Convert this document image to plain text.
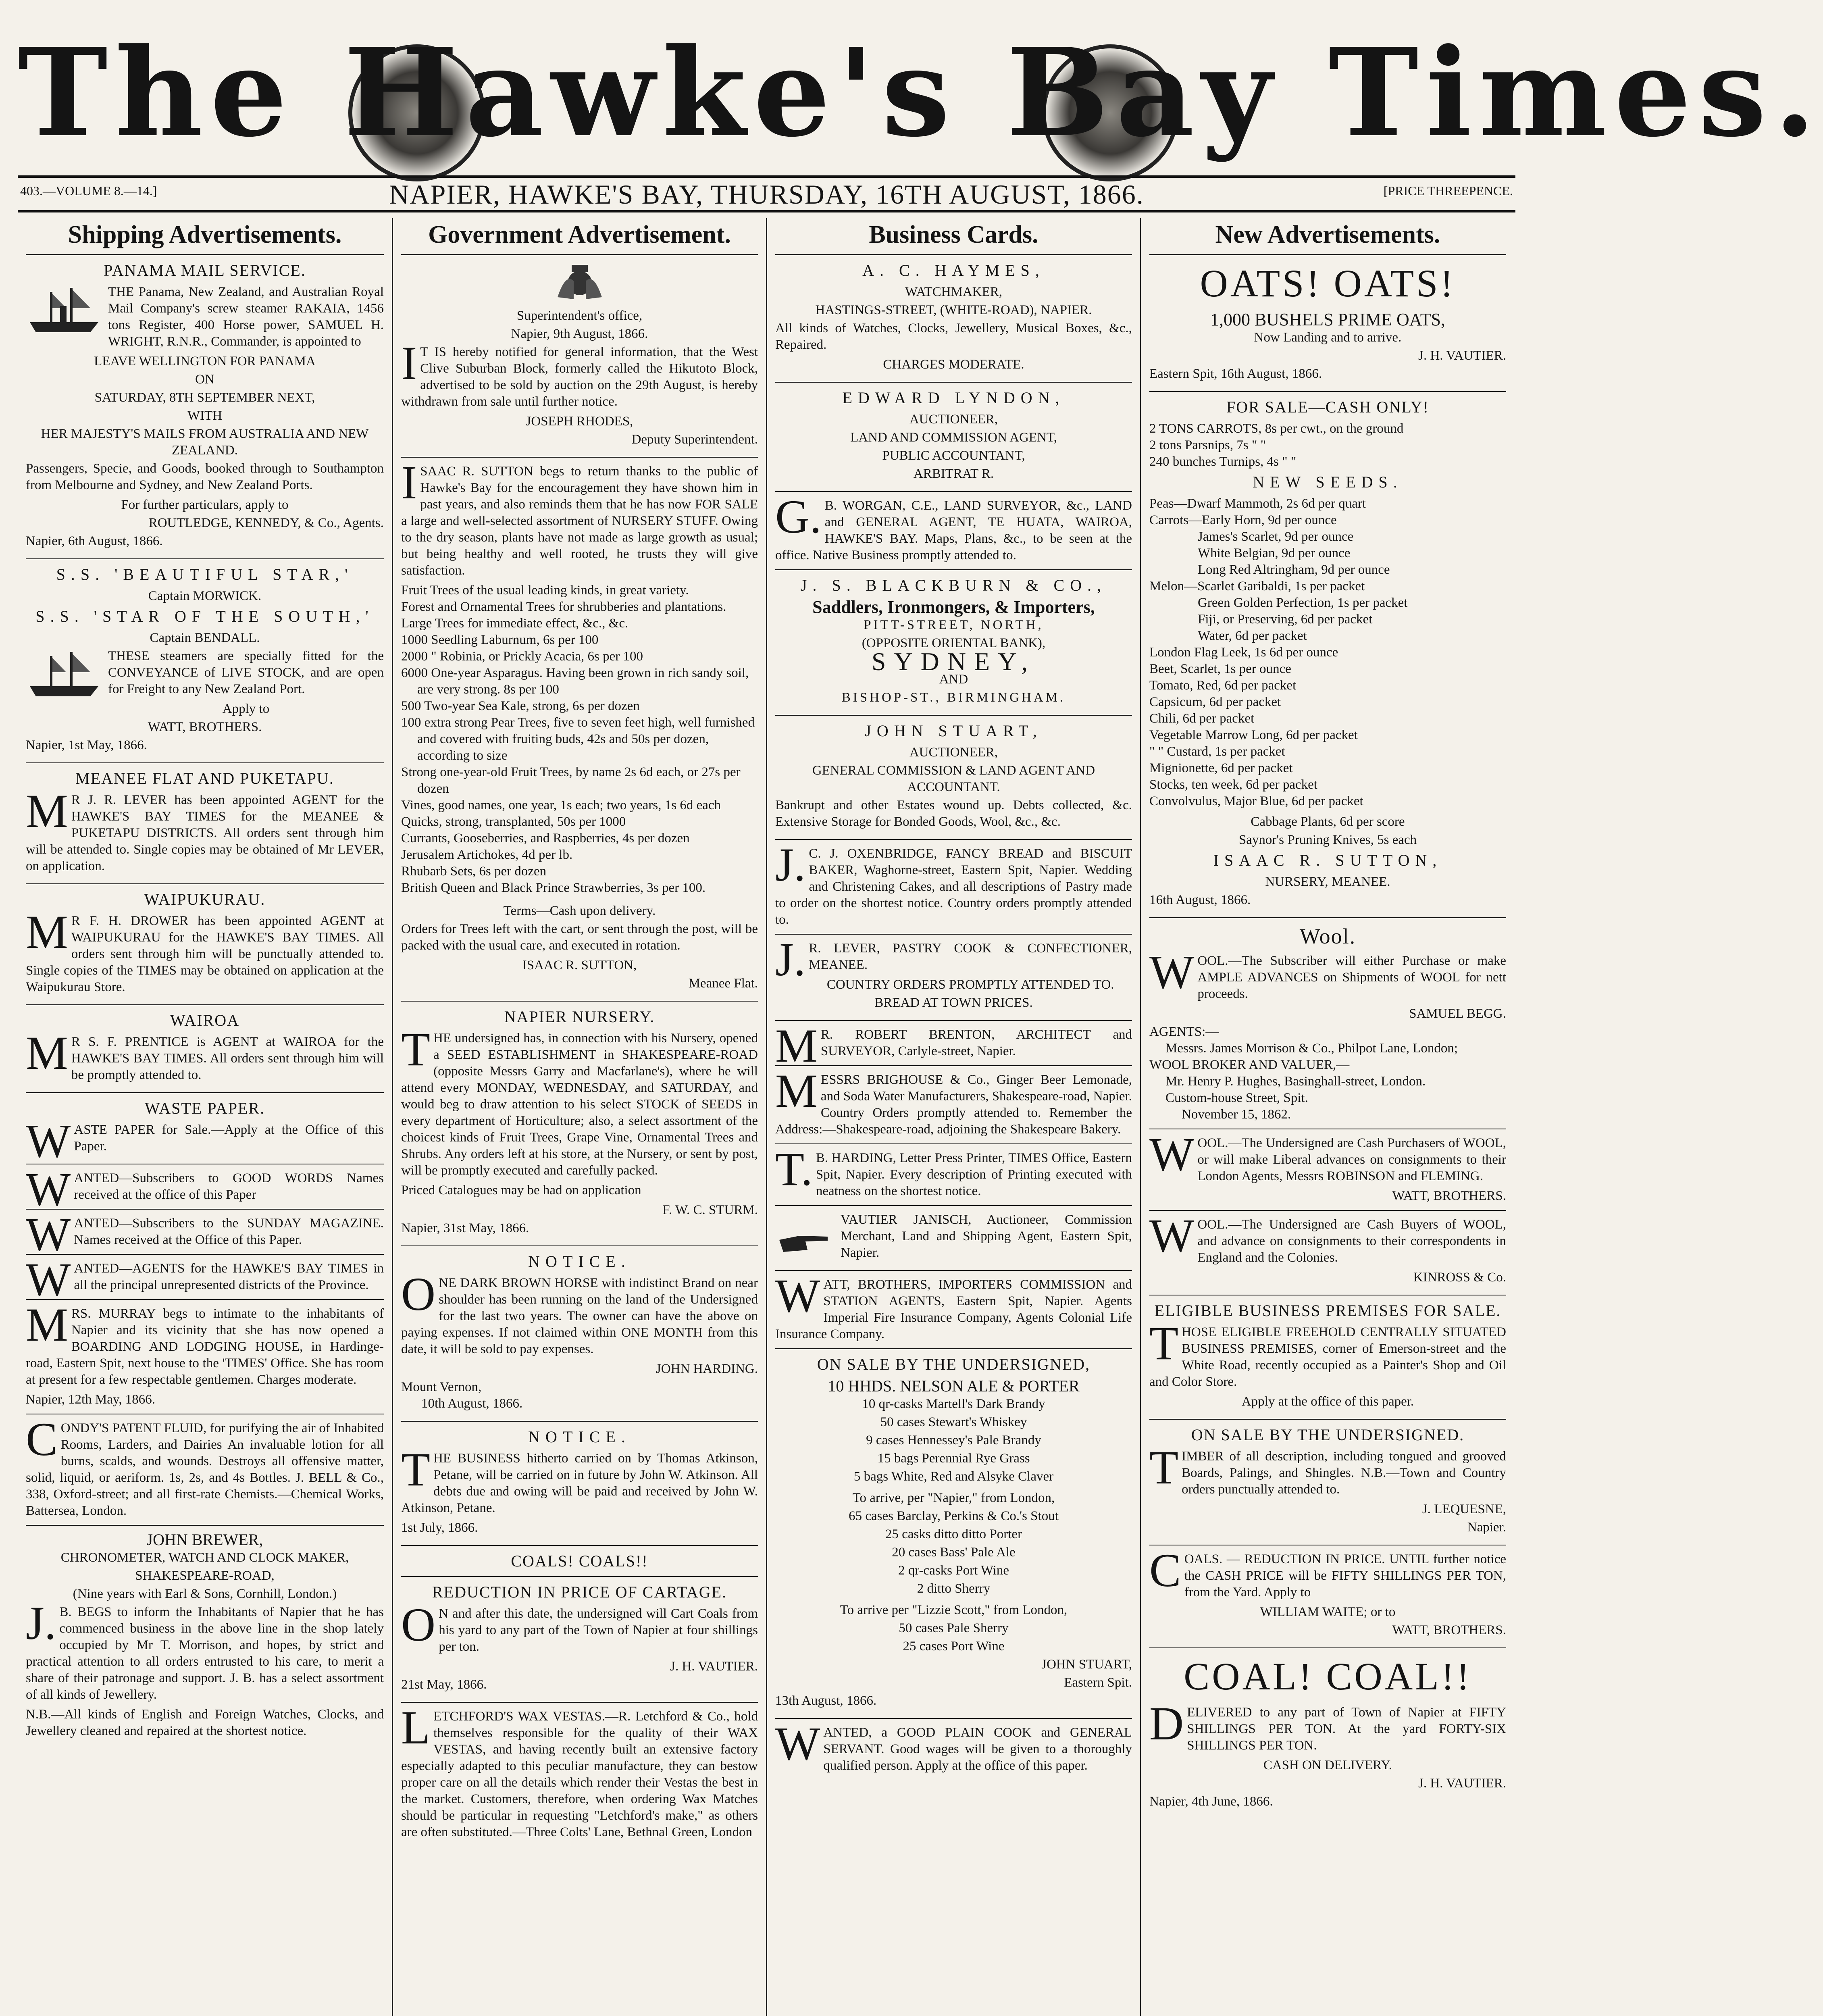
The Hawke's Bay Times.
403.—VOLUME 8.—14.]	NAPIER, HAWKE'S BAY, THURSDAY, 16TH AUGUST, 1866.	[PRICE THREEPENCE.
Shipping Advertisements.
PANAMA MAIL SERVICE.

THE Panama, New Zealand, and Australian Royal Mail Company's screw steamer RAKAIA, 1456 tons Register, 400 Horse power, SAMUEL H. WRIGHT, R.N.R., Commander, is appointed to

LEAVE WELLINGTON FOR PANAMA

ON

SATURDAY, 8TH SEPTEMBER NEXT,

WITH

HER MAJESTY'S MAILS FROM AUSTRALIA AND NEW ZEALAND.

Passengers, Specie, and Goods, booked through to Southampton from Melbourne and Sydney, and New Zealand Ports.

For further particulars, apply to

ROUTLEDGE, KENNEDY, & Co., Agents.

Napier, 6th August, 1866.

S.S. 'BEAUTIFUL STAR,'

Captain MORWICK.

S.S. 'STAR OF THE SOUTH,'

Captain BENDALL.

THESE steamers are specially fitted for the CONVEYANCE of LIVE STOCK, and are open for Freight to any New Zealand Port.

Apply to

WATT, BROTHERS.

Napier, 1st May, 1866.

MEANEE FLAT AND PUKETAPU.

MR J. R. LEVER has been appointed AGENT for the HAWKE'S BAY TIMES for the MEANEE & PUKETAPU DISTRICTS. All orders sent through him will be attended to. Single copies may be obtained of Mr LEVER, on application.

WAIPUKURAU.

MR F. H. DROWER has been appointed AGENT at WAIPUKURAU for the HAWKE'S BAY TIMES. All orders sent through him will be punctually attended to. Single copies of the TIMES may be obtained on application at the Waipukurau Store.

WAIROA

MR S. F. PRENTICE is AGENT at WAIROA for the HAWKE'S BAY TIMES. All orders sent through him will be promptly attended to.

WASTE PAPER.

WASTE PAPER for Sale.—Apply at the Office of this Paper.

WANTED—Subscribers to GOOD WORDS Names received at the office of this Paper

WANTED—Subscribers to the SUNDAY MAGAZINE. Names received at the Office of this Paper.

WANTED—AGENTS for the HAWKE'S BAY TIMES in all the principal unrepresented districts of the Province.

MRS. MURRAY begs to intimate to the inhabitants of Napier and its vicinity that she has now opened a BOARDING AND LODGING HOUSE, in Hardinge-road, Eastern Spit, next house to the 'TIMES' Office. She has room at present for a few respectable gentlemen. Charges moderate.

Napier, 12th May, 1866.

CONDY'S PATENT FLUID, for purifying the air of Inhabited Rooms, Larders, and Dairies An invaluable lotion for all burns, scalds, and wounds. Destroys all offensive matter, solid, liquid, or aeriform. 1s, 2s, and 4s Bottles. J. BELL & Co., 338, Oxford-street; and all first-rate Chemists.—Chemical Works, Battersea, London.

JOHN BREWER,

CHRONOMETER, WATCH AND CLOCK MAKER,

SHAKESPEARE-ROAD,

(Nine years with Earl & Sons, Cornhill, London.)

J.B. BEGS to inform the Inhabitants of Napier that he has commenced business in the above line in the shop lately occupied by Mr T. Morrison, and hopes, by strict and practical attention to all orders entrusted to his care, to merit a share of their patronage and support. J. B. has a select assortment of all kinds of Jewellery.

N.B.—All kinds of English and Foreign Watches, Clocks, and Jewellery cleaned and repaired at the shortest notice.

Government Advertisement.

Superintendent's office,

Napier, 9th August, 1866.

IT IS hereby notified for general information, that the West Clive Suburban Block, formerly called the Hikutoto Block, advertised to be sold by auction on the 29th August, is hereby withdrawn from sale until further notice.

JOSEPH RHODES,

Deputy Superintendent.

ISAAC R. SUTTON begs to return thanks to the public of Hawke's Bay for the encouragement they have shown him in past years, and also reminds them that he has now FOR SALE a large and well-selected assortment of NURSERY STUFF. Owing to the dry season, plants have not made as large growth as usual; but being healthy and well rooted, he trusts they will give satisfaction.

Fruit Trees of the usual leading kinds, in great variety.

Forest and Ornamental Trees for shrubberies and plantations.

Large Trees for immediate effect, &c., &c.

1000 Seedling Laburnum, 6s per 100

2000 " Robinia, or Prickly Acacia, 6s per 100

6000 One-year Asparagus. Having been grown in rich sandy soil, are very strong. 8s per 100

500 Two-year Sea Kale, strong, 6s per dozen

100 extra strong Pear Trees, five to seven feet high, well furnished and covered with fruiting buds, 42s and 50s per dozen, according to size

Strong one-year-old Fruit Trees, by name 2s 6d each, or 27s per dozen

Vines, good names, one year, 1s each; two years, 1s 6d each

Quicks, strong, transplanted, 50s per 1000

Currants, Gooseberries, and Raspberries, 4s per dozen

Jerusalem Artichokes, 4d per lb.

Rhubarb Sets, 6s per dozen

British Queen and Black Prince Strawberries, 3s per 100.

Terms—Cash upon delivery.

Orders for Trees left with the cart, or sent through the post, will be packed with the usual care, and executed in rotation.

ISAAC R. SUTTON,

Meanee Flat.

NAPIER NURSERY.

THE undersigned has, in connection with his Nursery, opened a SEED ESTABLISHMENT in SHAKESPEARE-ROAD (opposite Messrs Garry and Macfarlane's), where he will attend every MONDAY, WEDNESDAY, and SATURDAY, and would beg to draw attention to his select STOCK of SEEDS in every department of Horticulture; also, a select assortment of the choicest kinds of Fruit Trees, Grape Vine, Ornamental Trees and Shrubs. Any orders left at his store, at the Nursery, or sent by post, will be promptly executed and carefully packed.

Priced Catalogues may be had on application

F. W. C. STURM.

Napier, 31st May, 1866.

NOTICE.

ONE DARK BROWN HORSE with indistinct Brand on near shoulder has been running on the land of the Undersigned for the last two years. The owner can have the above on paying expenses. If not claimed within ONE MONTH from this date, it will be sold to pay expenses.

JOHN HARDING.

Mount Vernon,

10th August, 1866.

NOTICE.

THE BUSINESS hitherto carried on by Thomas Atkinson, Petane, will be carried on in future by John W. Atkinson. All debts due and owing will be paid and received by John W. Atkinson, Petane.

1st July, 1866.

COALS! COALS!!
REDUCTION IN PRICE OF CARTAGE.

ON and after this date, the undersigned will Cart Coals from his yard to any part of the Town of Napier at four shillings per ton.

J. H. VAUTIER.

21st May, 1866.

LETCHFORD'S WAX VESTAS.—R. Letchford & Co., hold themselves responsible for the quality of their WAX VESTAS, and having recently built an extensive factory especially adapted to this peculiar manufacture, they can bestow proper care on all the details which render their Vestas the best in the market. Customers, therefore, when ordering Wax Matches should be particular in requesting "Letchford's make," as others are often substituted.—Three Colts' Lane, Bethnal Green, London

Business Cards.
A. C. HAYMES,

WATCHMAKER,

HASTINGS-STREET, (WHITE-ROAD), NAPIER.

All kinds of Watches, Clocks, Jewellery, Musical Boxes, &c., Repaired.

CHARGES MODERATE.

EDWARD LYNDON,

AUCTIONEER,

LAND AND COMMISSION AGENT,

PUBLIC ACCOUNTANT,

ARBITRAT R.

G.B. WORGAN, C.E., LAND SURVEYOR, &c., LAND and GENERAL AGENT, TE HUATA, WAIROA, HAWKE'S BAY. Maps, Plans, &c., to be seen at the office. Native Business promptly attended to.

J. S. BLACKBURN & CO.,

Saddlers, Ironmongers, & Importers,

PITT-STREET, NORTH,

(OPPOSITE ORIENTAL BANK),

SYDNEY,

AND

BISHOP-ST., BIRMINGHAM.

JOHN STUART,

AUCTIONEER,

GENERAL COMMISSION & LAND AGENT AND ACCOUNTANT.

Bankrupt and other Estates wound up. Debts collected, &c. Extensive Storage for Bonded Goods, Wool, &c., &c.

J.C. J. OXENBRIDGE, FANCY BREAD and BISCUIT BAKER, Waghorne-street, Eastern Spit, Napier. Wedding and Christening Cakes, and all descriptions of Pastry made to order on the shortest notice. Country orders promptly attended to.

J.R. LEVER, PASTRY COOK & CONFECTIONER, MEANEE.

COUNTRY ORDERS PROMPTLY ATTENDED TO.

BREAD AT TOWN PRICES.

MR. ROBERT BRENTON, ARCHITECT and SURVEYOR, Carlyle-street, Napier.

MESSRS BRIGHOUSE & Co., Ginger Beer Lemonade, and Soda Water Manufacturers, Shakespeare-road, Napier. Country Orders promptly attended to. Remember the Address:—Shakespeare-road, adjoining the Shakespeare Bakery.

T.B. HARDING, Letter Press Printer, TIMES Office, Eastern Spit, Napier. Every description of Printing executed with neatness on the shortest notice.

VAUTIER JANISCH, Auctioneer, Commission Merchant, Land and Shipping Agent, Eastern Spit, Napier.

WATT, BROTHERS, IMPORTERS COMMISSION and STATION AGENTS, Eastern Spit, Napier. Agents Imperial Fire Insurance Company, Agents Colonial Life Insurance Company.

ON SALE BY THE UNDERSIGNED,

10 HHDS. NELSON ALE & PORTER

10 qr-casks Martell's Dark Brandy

50 cases Stewart's Whiskey

9 cases Hennessey's Pale Brandy

15 bags Perennial Rye Grass

5 bags White, Red and Alsyke Claver

To arrive, per "Napier," from London,

65 cases Barclay, Perkins & Co.'s Stout

25 casks ditto ditto Porter

20 cases Bass' Pale Ale

2 qr-casks Port Wine

2 ditto Sherry

To arrive per "Lizzie Scott," from London,

50 cases Pale Sherry

25 cases Port Wine

JOHN STUART,

Eastern Spit.

13th August, 1866.

WANTED, a GOOD PLAIN COOK and GENERAL SERVANT. Good wages will be given to a thoroughly qualified person. Apply at the office of this paper.

New Advertisements.
OATS! OATS!

1,000 BUSHELS PRIME OATS,

Now Landing and to arrive.

J. H. VAUTIER.

Eastern Spit, 16th August, 1866.

FOR SALE—CASH ONLY!

2 TONS CARROTS, 8s per cwt., on the ground

2 tons Parsnips, 7s " "

240 bunches Turnips, 4s " "

NEW SEEDS.

Peas—Dwarf Mammoth, 2s 6d per quart

Carrots—Early Horn, 9d per ounce

James's Scarlet, 9d per ounce

White Belgian, 9d per ounce

Long Red Altringham, 9d per ounce

Melon—Scarlet Garibaldi, 1s per packet

Green Golden Perfection, 1s per packet

Fiji, or Preserving, 6d per packet

Water, 6d per packet

London Flag Leek, 1s 6d per ounce

Beet, Scarlet, 1s per ounce

Tomato, Red, 6d per packet

Capsicum, 6d per packet

Chili, 6d per packet

Vegetable Marrow Long, 6d per packet

" " Custard, 1s per packet

Mignionette, 6d per packet

Stocks, ten week, 6d per packet

Convolvulus, Major Blue, 6d per packet

Cabbage Plants, 6d per score

Saynor's Pruning Knives, 5s each

ISAAC R. SUTTON,

NURSERY, MEANEE.

16th August, 1866.

Wool.

WOOL.—The Subscriber will either Purchase or make AMPLE ADVANCES on Shipments of WOOL for nett proceeds.

SAMUEL BEGG.

AGENTS:—

Messrs. James Morrison & Co., Philpot Lane, London;

WOOL BROKER AND VALUER,—

Mr. Henry P. Hughes, Basinghall-street, London.

Custom-house Street, Spit.

November 15, 1862.

WOOL.—The Undersigned are Cash Purchasers of WOOL, or will make Liberal advances on consignments to their London Agents, Messrs ROBINSON and FLEMING.

WATT, BROTHERS.

WOOL.—The Undersigned are Cash Buyers of WOOL, and advance on consignments to their correspondents in England and the Colonies.

KINROSS & Co.

ELIGIBLE BUSINESS PREMISES FOR SALE.

THOSE ELIGIBLE FREEHOLD CENTRALLY SITUATED BUSINESS PREMISES, corner of Emerson-street and the White Road, recently occupied as a Painter's Shop and Oil and Color Store.

Apply at the office of this paper.

ON SALE BY THE UNDERSIGNED.

TIMBER of all description, including tongued and grooved Boards, Palings, and Shingles. N.B.—Town and Country orders punctually attended to.

J. LEQUESNE,

Napier.

COALS. — REDUCTION IN PRICE. UNTIL further notice the CASH PRICE will be FIFTY SHILLINGS PER TON, from the Yard. Apply to

WILLIAM WAITE; or to

WATT, BROTHERS.

COAL! COAL!!

DELIVERED to any part of Town of Napier at FIFTY SHILLINGS PER TON. At the yard FORTY-SIX SHILLINGS PER TON.

CASH ON DELIVERY.

J. H. VAUTIER.

Napier, 4th June, 1866.
